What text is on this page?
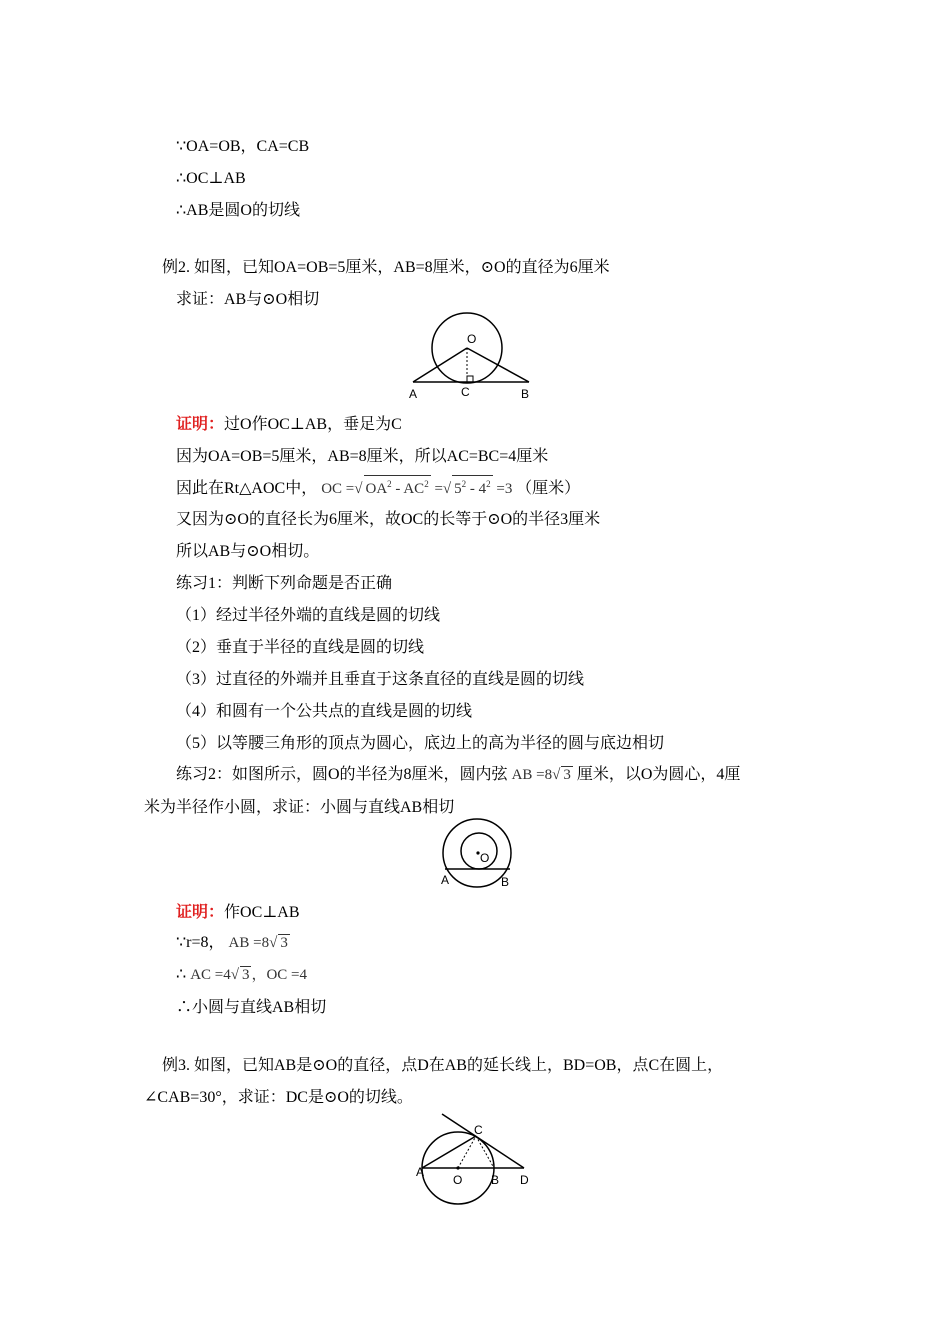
∵OA=OB，CA=CB
∴OC⊥AB
∴AB是圆O的切线
例2. 如图，已知OA=OB=5厘米，AB=8厘米，⊙O的直径为6厘米
求证：AB与⊙O相切
O
A	C	B
证明：过O作OC⊥AB，垂足为C
因为OA=OB=5厘米，AB=8厘米，所以AC=BC=4厘米
因此在Rt△AOC中， OC =√ $OA^2 - AC^2$ =√ $5^2 - 4^2 =3$ （厘米）
又因为⊙O的直径长为6厘米，故OC的长等于⊙O的半径3厘米
所以AB与⊙O相切。
练习1：判断下列命题是否正确
（1）经过半径外端的直线是圆的切线
（2）垂直于半径的直线是圆的切线
（3）过直径的外端并且垂直于这条直径的直线是圆的切线
（4）和圆有一个公共点的直线是圆的切线
（5）以等腰三角形的顶点为圆心，底边上的高为半径的圆与底边相切
练习2：如图所示，圆O的半径为8厘米，圆内弦 AB =8√ 3 厘米，以O为圆心，4厘
米为半径作小圆，求证：小圆与直线AB相切
O
A	B
证明：作OC⊥AB
∵r=8， AB =8√ 3
∴ AC =4√ 3 ，OC =4
∴小圆与直线AB相切
例3. 如图，已知AB是⊙O的直径，点D在AB的延长线上，BD=OB，点C在圆上，
∠CAB=30°，求证：DC是⊙O的切线。
C
A
O B D
